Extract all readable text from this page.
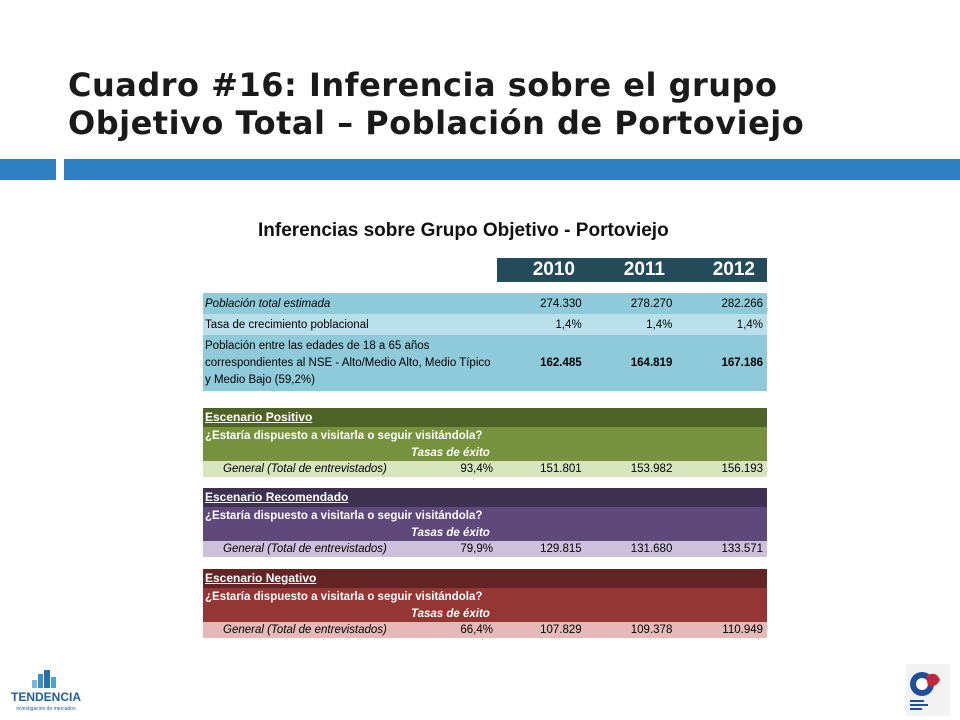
Cuadro #16: Inferencia sobre el grupo Objetivo Total – Población de Portoviejo
Inferencias sobre Grupo Objetivo - Portoviejo
2010	2011	2012
Población total estimada	274.330	278.270	282.266
Tasa de crecimiento poblacional	1,4%	1,4%	1,4%
Población entre las edades de 18 a 65 años correspondientes al NSE - Alto/Medio Alto, Medio Típico y Medio Bajo (59,2%)
162.485	164.819	167.186
Escenario Positivo
¿Estaría dispuesto a visitarla o seguir visitándola?
Tasas de éxito
General (Total de entrevistados)	93,4%	151.801	153.982	156.193
Escenario Recomendado
¿Estaría dispuesto a visitarla o seguir visitándola?
Tasas de éxito
General (Total de entrevistados)	79,9%	129.815	131.680	133.571
Escenario Negativo
¿Estaría dispuesto a visitarla o seguir visitándola?
Tasas de éxito
General (Total de entrevistados)	66,4%	107.829	109.378	110.949
TENDENCIA
investigación de mercados
